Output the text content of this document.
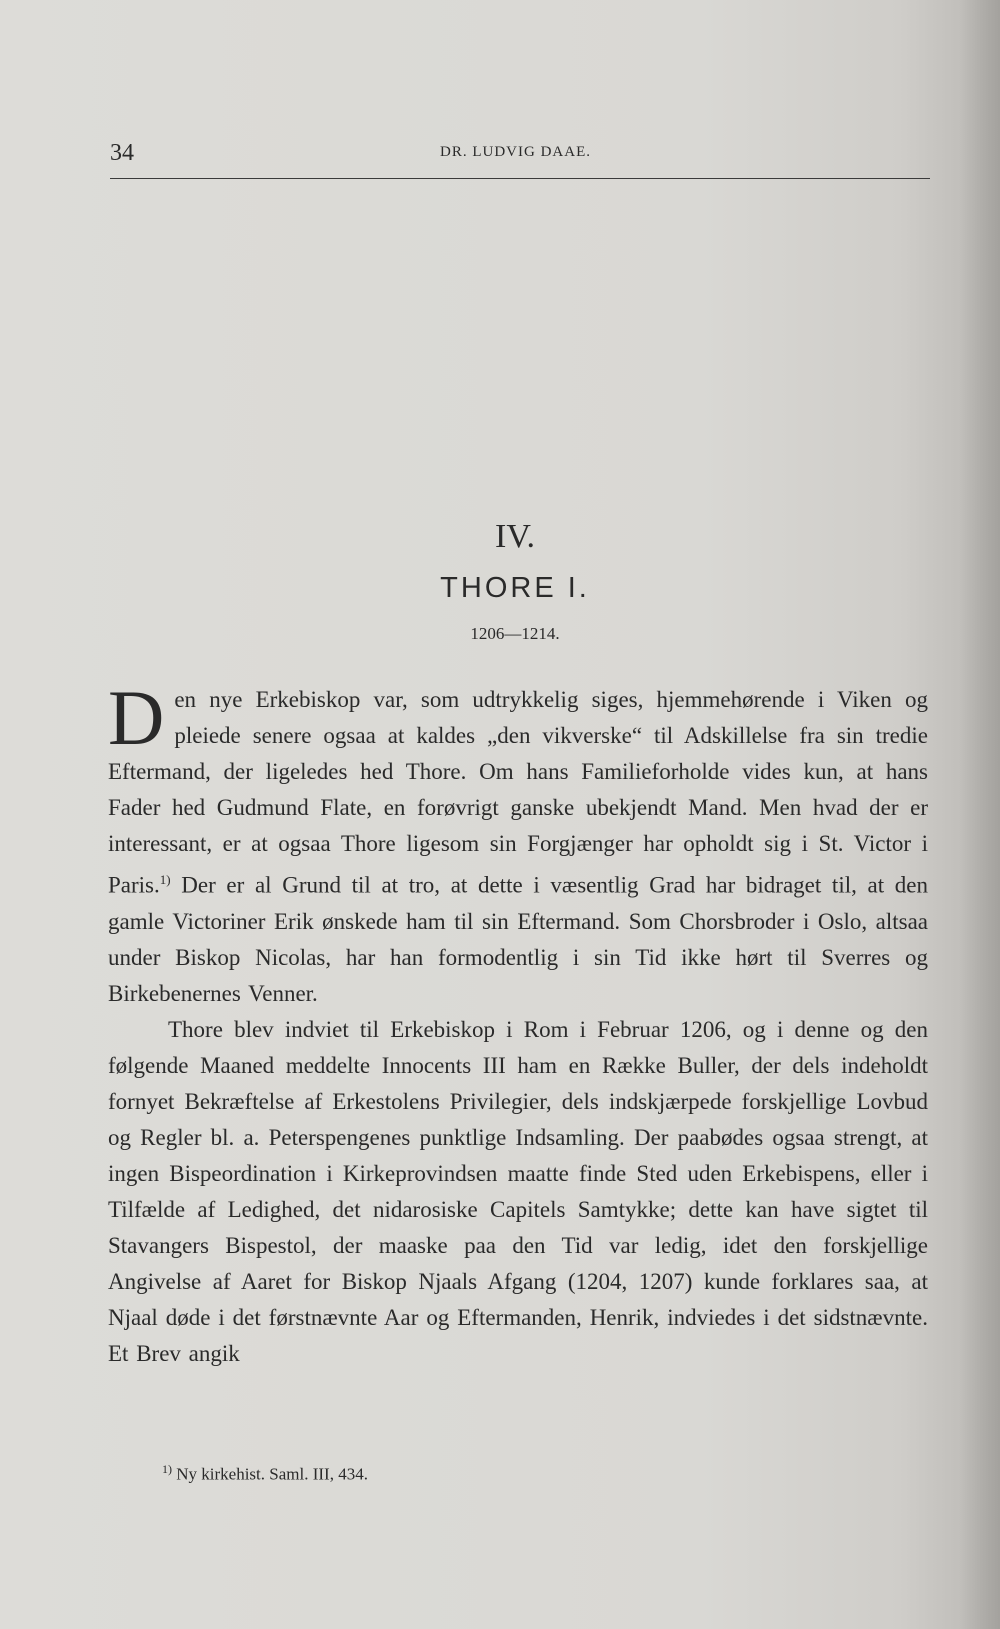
34	DR. LUDVIG DAAE.
IV.
THORE I.
1206—1214.

D en nye Erkebiskop var, som udtrykkelig siges, hjemmehørende i Viken og pleiede senere ogsaa at kaldes „den vikverske“ til Adskillelse fra sin tredie Eftermand, der ligeledes hed Thore. Om hans Familieforholde vides kun, at hans Fader hed Gudmund Flate, en forøvrigt ganske ubekjendt Mand. Men hvad der er interessant, er at ogsaa Thore ligesom sin Forgjænger har opholdt sig i St. Victor i Paris.$^{1)}$ Der er al Grund til at tro, at dette i væsentlig Grad har bidraget til, at den gamle Victoriner Erik ønskede ham til sin Eftermand. Som Chorsbroder i Oslo, altsaa under Biskop Nicolas, har han formodentlig i sin Tid ikke hørt til Sverres og Birkebenernes Venner.

Thore blev indviet til Erkebiskop i Rom i Februar 1206, og i denne og den følgende Maaned meddelte Innocents III ham en Række Buller, der dels indeholdt fornyet Bekræftelse af Erkestolens Privilegier, dels indskjærpede forskjellige Lovbud og Regler bl. a. Peterspengenes punktlige Indsamling. Der paabødes ogsaa strengt, at ingen Bispeordination i Kirkeprovindsen maatte finde Sted uden Erkebispens, eller i Tilfælde af Ledighed, det nidarosiske Capitels Samtykke; dette kan have sigtet til Stavangers Bispestol, der maaske paa den Tid var ledig, idet den forskjellige Angivelse af Aaret for Biskop Njaals Afgang (1204, 1207) kunde forklares saa, at Njaal døde i det førstnævnte Aar og Eftermanden, Henrik, indviedes i det sidstnævnte. Et Brev angik

$^{1)}$ Ny kirkehist. Saml. III, 434.
